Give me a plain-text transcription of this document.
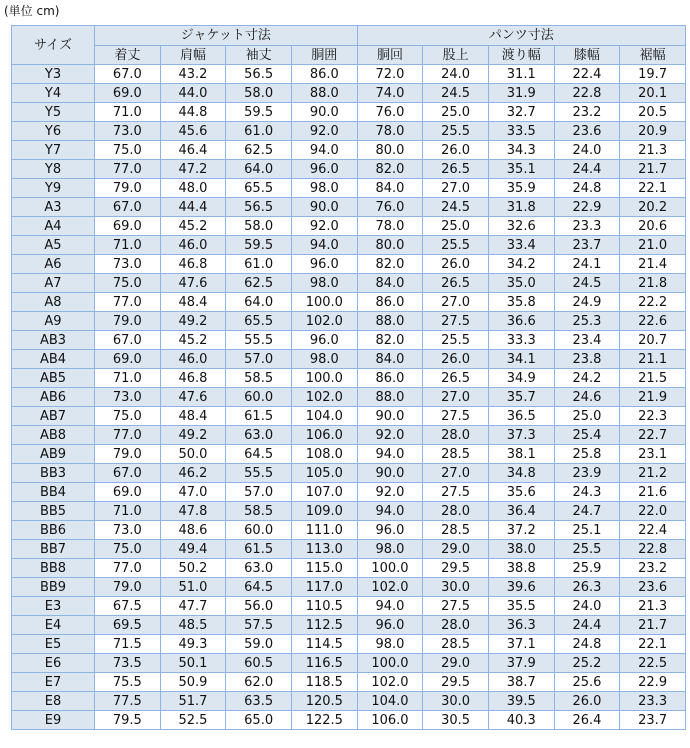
(単位 cm)
サイズ	ジャケット寸法				パンツ寸法				
	着丈	肩幅	袖丈	胴囲	胴回	股上	渡り幅	膝幅	裾幅
Y3	67.0	43.2	56.5	86.0	72.0	24.0	31.1	22.4	19.7
Y4	69.0	44.0	58.0	88.0	74.0	24.5	31.9	22.8	20.1
Y5	71.0	44.8	59.5	90.0	76.0	25.0	32.7	23.2	20.5
Y6	73.0	45.6	61.0	92.0	78.0	25.5	33.5	23.6	20.9
Y7	75.0	46.4	62.5	94.0	80.0	26.0	34.3	24.0	21.3
Y8	77.0	47.2	64.0	96.0	82.0	26.5	35.1	24.4	21.7
Y9	79.0	48.0	65.5	98.0	84.0	27.0	35.9	24.8	22.1
A3	67.0	44.4	56.5	90.0	76.0	24.5	31.8	22.9	20.2
A4	69.0	45.2	58.0	92.0	78.0	25.0	32.6	23.3	20.6
A5	71.0	46.0	59.5	94.0	80.0	25.5	33.4	23.7	21.0
A6	73.0	46.8	61.0	96.0	82.0	26.0	34.2	24.1	21.4
A7	75.0	47.6	62.5	98.0	84.0	26.5	35.0	24.5	21.8
A8	77.0	48.4	64.0	100.0	86.0	27.0	35.8	24.9	22.2
A9	79.0	49.2	65.5	102.0	88.0	27.5	36.6	25.3	22.6
AB3	67.0	45.2	55.5	96.0	82.0	25.5	33.3	23.4	20.7
AB4	69.0	46.0	57.0	98.0	84.0	26.0	34.1	23.8	21.1
AB5	71.0	46.8	58.5	100.0	86.0	26.5	34.9	24.2	21.5
AB6	73.0	47.6	60.0	102.0	88.0	27.0	35.7	24.6	21.9
AB7	75.0	48.4	61.5	104.0	90.0	27.5	36.5	25.0	22.3
AB8	77.0	49.2	63.0	106.0	92.0	28.0	37.3	25.4	22.7
AB9	79.0	50.0	64.5	108.0	94.0	28.5	38.1	25.8	23.1
BB3	67.0	46.2	55.5	105.0	90.0	27.0	34.8	23.9	21.2
BB4	69.0	47.0	57.0	107.0	92.0	27.5	35.6	24.3	21.6
BB5	71.0	47.8	58.5	109.0	94.0	28.0	36.4	24.7	22.0
BB6	73.0	48.6	60.0	111.0	96.0	28.5	37.2	25.1	22.4
BB7	75.0	49.4	61.5	113.0	98.0	29.0	38.0	25.5	22.8
BB8	77.0	50.2	63.0	115.0	100.0	29.5	38.8	25.9	23.2
BB9	79.0	51.0	64.5	117.0	102.0	30.0	39.6	26.3	23.6
E3	67.5	47.7	56.0	110.5	94.0	27.5	35.5	24.0	21.3
E4	69.5	48.5	57.5	112.5	96.0	28.0	36.3	24.4	21.7
E5	71.5	49.3	59.0	114.5	98.0	28.5	37.1	24.8	22.1
E6	73.5	50.1	60.5	116.5	100.0	29.0	37.9	25.2	22.5
E7	75.5	50.9	62.0	118.5	102.0	29.5	38.7	25.6	22.9
E8	77.5	51.7	63.5	120.5	104.0	30.0	39.5	26.0	23.3
E9	79.5	52.5	65.0	122.5	106.0	30.5	40.3	26.4	23.7
